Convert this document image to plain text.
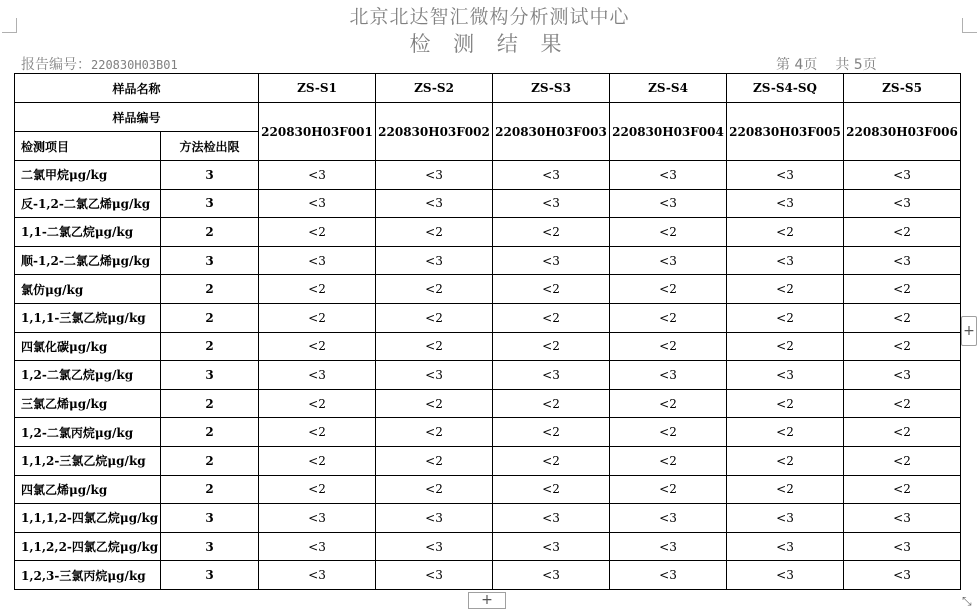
北京北达智汇微构分析测试中心
检 测 结 果
报告编号：220830H03B01	第 4页 共 5页
样品名称		ZS-S1	ZS-S2	ZS-S3	ZS-S4	ZS-S4-SQ	ZS-S5
样品编号		220830H03F001	220830H03F002	220830H03F003	220830H03F004	220830H03F005	220830H03F006
检测项目	方法检出限						
二氯甲烷μg/kg	3	<3	<3	<3	<3	<3	<3
反-1,2-二氯乙烯μg/kg	3	<3	<3	<3	<3	<3	<3
1,1-二氯乙烷μg/kg	2	<2	<2	<2	<2	<2	<2
顺-1,2-二氯乙烯μg/kg	3	<3	<3	<3	<3	<3	<3
氯仿μg/kg	2	<2	<2	<2	<2	<2	<2
1,1,1-三氯乙烷μg/kg	2	<2	<2	<2	<2	<2	<2
四氯化碳μg/kg	2	<2	<2	<2	<2	<2	<2
1,2-二氯乙烷μg/kg	3	<3	<3	<3	<3	<3	<3
三氯乙烯μg/kg	2	<2	<2	<2	<2	<2	<2
1,2-二氯丙烷μg/kg	2	<2	<2	<2	<2	<2	<2
1,1,2-三氯乙烷μg/kg	2	<2	<2	<2	<2	<2	<2
四氯乙烯μg/kg	2	<2	<2	<2	<2	<2	<2
1,1,1,2-四氯乙烷μg/kg	3	<3	<3	<3	<3	<3	<3
1,1,2,2-四氯乙烷μg/kg	3	<3	<3	<3	<3	<3	<3
1,2,3-三氯丙烷μg/kg	3	<3	<3	<3	<3	<3	<3
+
+	⤡
